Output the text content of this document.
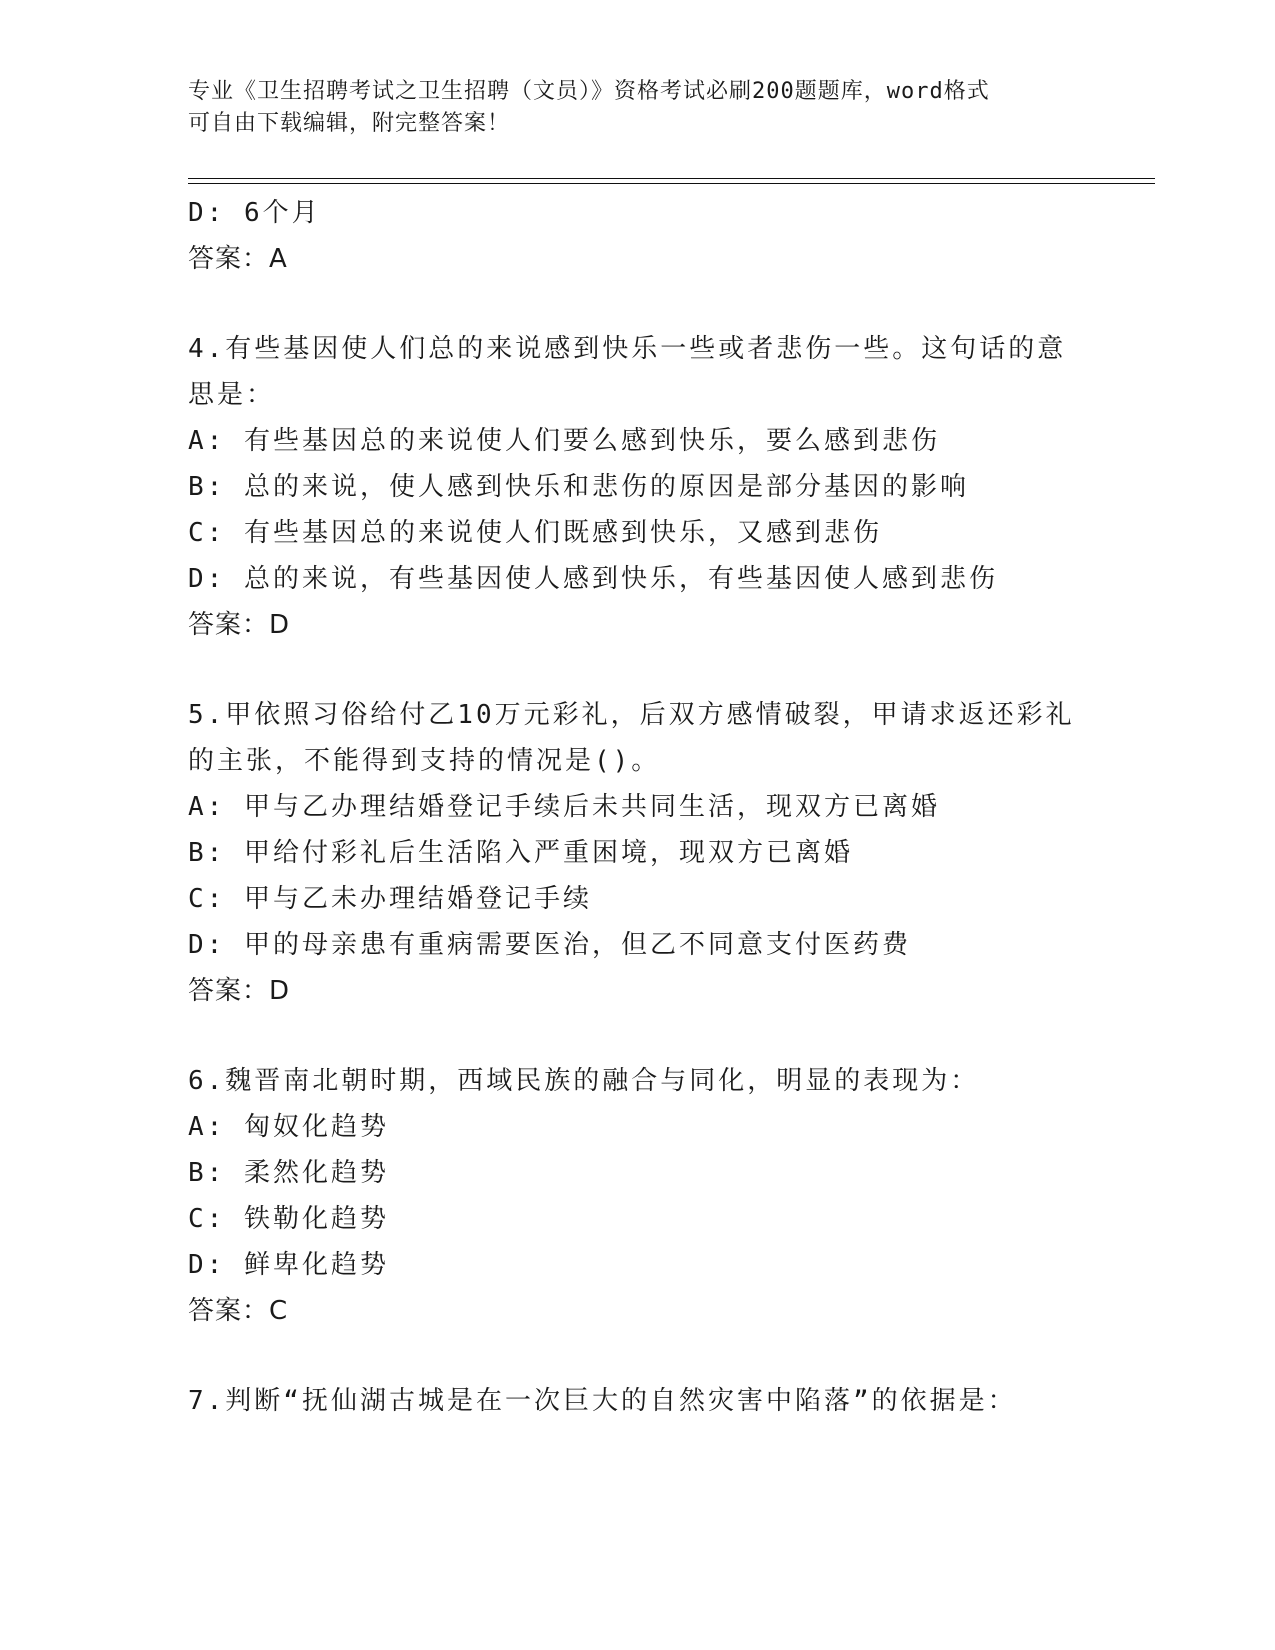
专业《卫生招聘考试之卫生招聘（文员）》资格考试必刷200题题库，word格式
可自由下载编辑，附完整答案！
D: 6个月
答案：A
4.有些基因使人们总的来说感到快乐一些或者悲伤一些。这句话的意
思是：
A: 有些基因总的来说使人们要么感到快乐，要么感到悲伤
B: 总的来说，使人感到快乐和悲伤的原因是部分基因的影响
C: 有些基因总的来说使人们既感到快乐，又感到悲伤
D: 总的来说，有些基因使人感到快乐，有些基因使人感到悲伤
答案：D
5.甲依照习俗给付乙10万元彩礼，后双方感情破裂，甲请求返还彩礼
的主张，不能得到支持的情况是()。
A: 甲与乙办理结婚登记手续后未共同生活，现双方已离婚
B: 甲给付彩礼后生活陷入严重困境，现双方已离婚
C: 甲与乙未办理结婚登记手续
D: 甲的母亲患有重病需要医治，但乙不同意支付医药费
答案：D
6.魏晋南北朝时期，西域民族的融合与同化，明显的表现为：
A: 匈奴化趋势
B: 柔然化趋势
C: 铁勒化趋势
D: 鲜卑化趋势
答案：C
7.判断“抚仙湖古城是在一次巨大的自然灾害中陷落”的依据是：
